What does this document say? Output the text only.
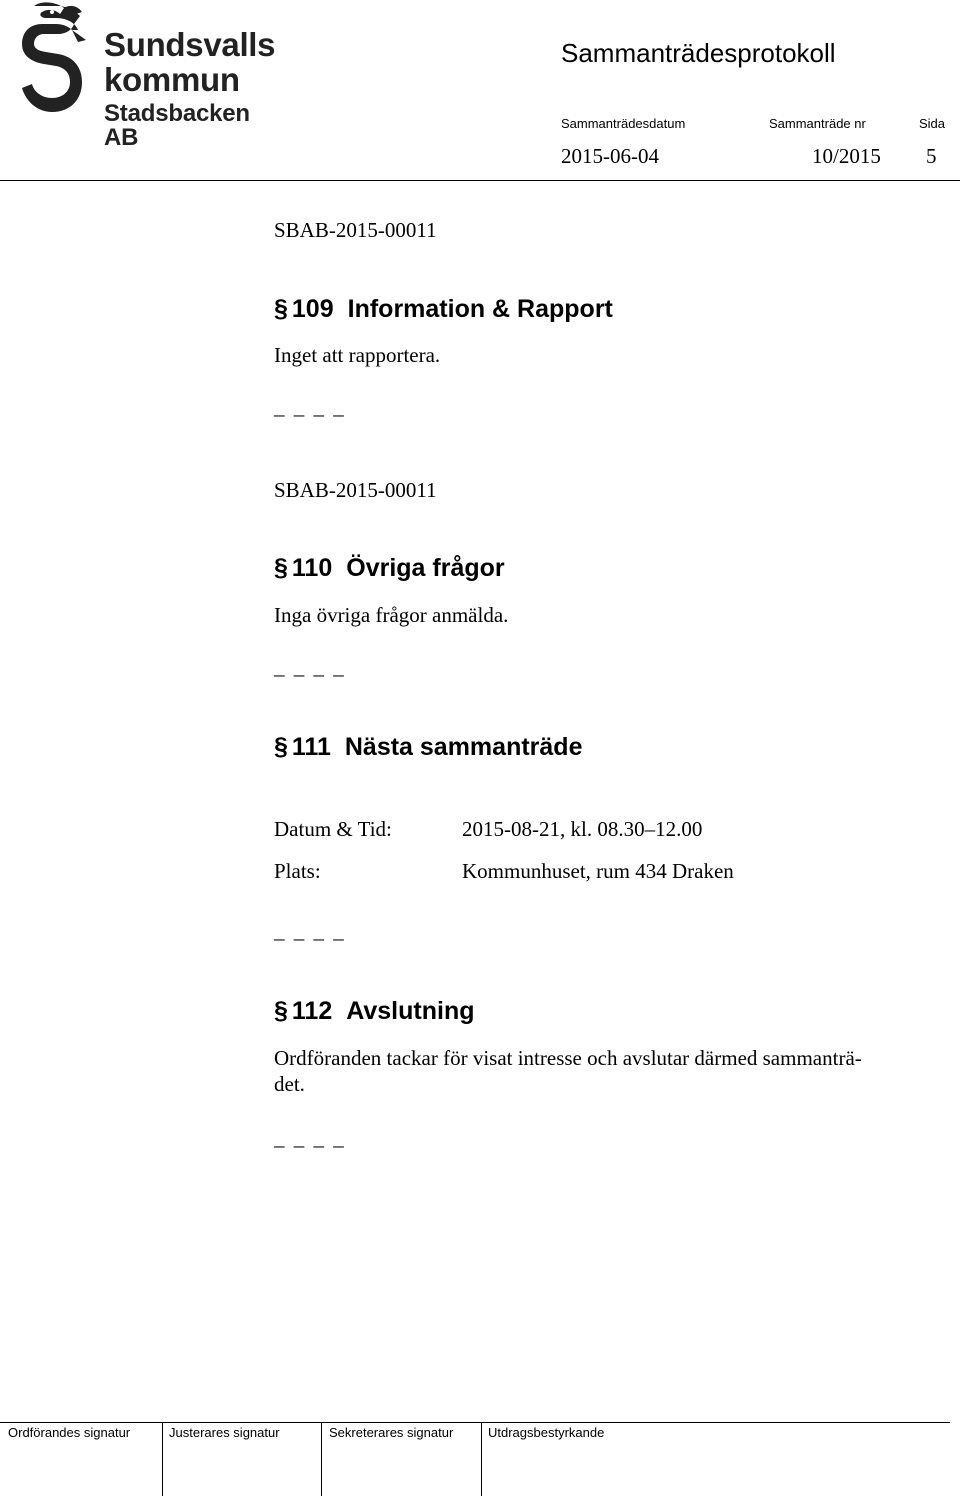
Sundsvalls
kommun
Stadsbacken AB
Sammanträdesprotokoll
Sammanträdesdatum	Sammanträde nr	Sida
2015-06-04	10/2015 5
SBAB-2015-00011
§ 109 Information & Rapport
Inget att rapportera.
_ _ _ _
SBAB-2015-00011
§ 110 Övriga frågor
Inga övriga frågor anmälda.
_ _ _ _
§ 111 Nästa sammanträde
Datum & Tid:	2015-08-21, kl. 08.30–12.00
Plats:	Kommunhuset, rum 434 Draken
_ _ _ _
§ 112 Avslutning
Ordföranden tackar för visat intresse och avslutar därmed sammanträ-
det.
_ _ _ _
Ordförandes signatur	Justerares signatur	Sekreterares signatur	Utdragsbestyrkande
